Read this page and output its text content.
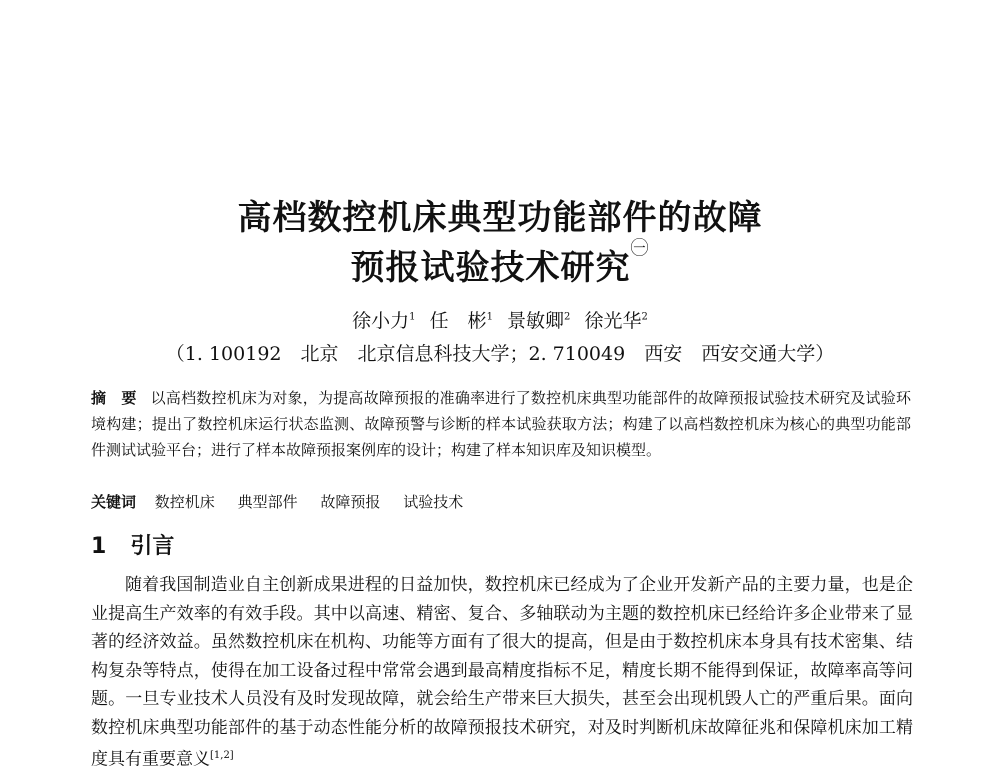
高档数控机床典型功能部件的故障
预报试验技术研究$^㊀$
徐小力$^1$ 任　彬$^1$ 景敏卿$^2$ 徐光华$^2$
（1. 100192　北京　北京信息科技大学；2. 710049　西安　西安交通大学）
摘　要 以高档数控机床为对象，为提高故障预报的准确率进行了数控机床典型功能部件的故障预报试验技术研究及试验环境构建；提出了数控机床运行状态监测、故障预警与诊断的样本试验获取方法；构建了以高档数控机床为核心的典型功能部件测试试验平台；进行了样本故障预报案例库的设计；构建了样本知识库及知识模型。
关键词 数控机床 典型部件 故障预报 试验技术
1 引言
随着我国制造业自主创新成果进程的日益加快，数控机床已经成为了企业开发新产品的主要力量，也是企业提高生产效率的有效手段。其中以高速、精密、复合、多轴联动为主题的数控机床已经给许多企业带来了显著的经济效益。虽然数控机床在机构、功能等方面有了很大的提高，但是由于数控机床本身具有技术密集、结构复杂等特点，使得在加工设备过程中常常会遇到最高精度指标不足，精度长期不能得到保证，故障率高等问题。一旦专业技术人员没有及时发现故障，就会给生产带来巨大损失，甚至会出现机毁人亡的严重后果。面向数控机床典型功能部件的基于动态性能分析的故障预报技术研究，对及时判断机床故障征兆和保障机床加工精度具有重要意义[1,2]
